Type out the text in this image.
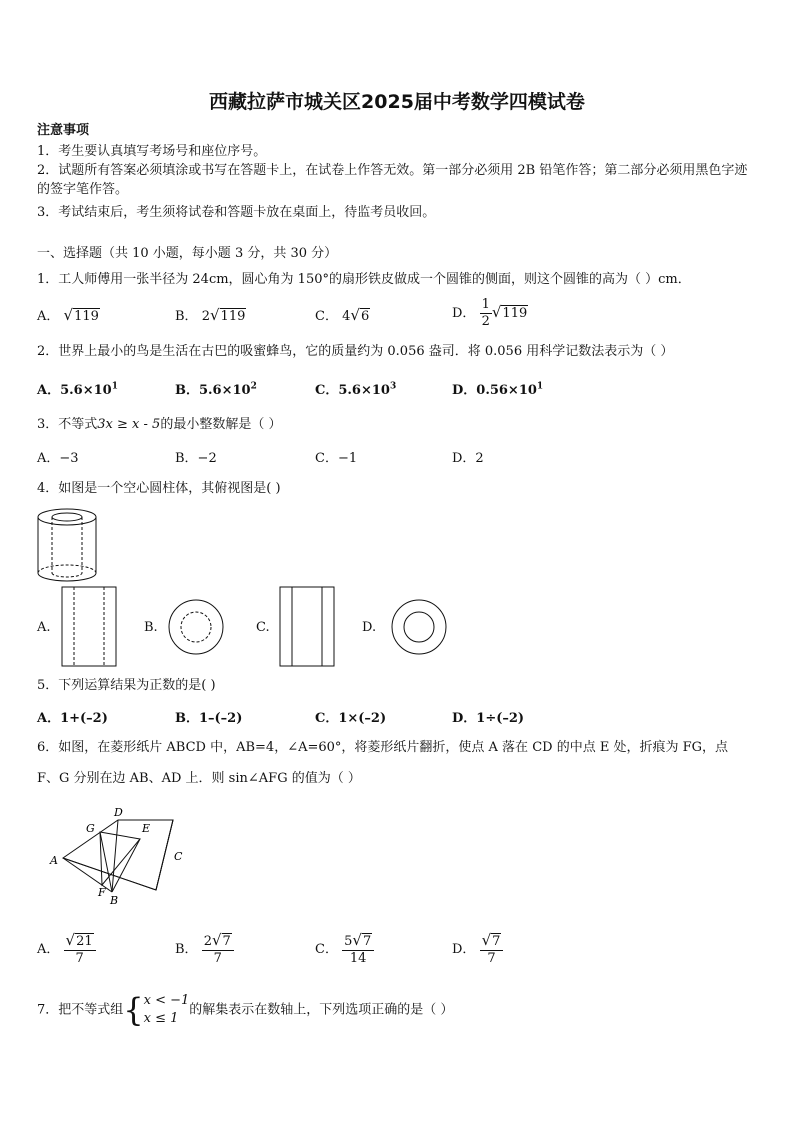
西藏拉萨市城关区2025届中考数学四模试卷
注意事项
1．考生要认真填写考场号和座位序号。
2．试题所有答案必须填涂或书写在答题卡上，在试卷上作答无效。第一部分必须用 2B 铅笔作答；第二部分必须用黑色字迹的签字笔作答。
3．考试结束后，考生须将试卷和答题卡放在桌面上，待监考员收回。
一、选择题（共 10 小题，每小题 3 分，共 30 分）
1．工人师傅用一张半径为 24cm，圆心角为 150°的扇形铁皮做成一个圆锥的侧面，则这个圆锥的高为（ ）cm．
A． √119	B． 2√119	C． 4√6	D． $\frac{1}{2} √119$
2．世界上最小的鸟是生活在古巴的吸蜜蜂鸟，它的质量约为 0.056 盎司．将 0.056 用科学记数法表示为（ ）
A．$5.6\times 10^1$	B．$5.6\times 10^2$	C．$5.6\times 10^3$	D．$0.56\times 10^1$
3．不等式3x ≥ x - 5的最小整数解是（ ）
A．−3	B．−2	C．−1	D．2
4．如图是一个空心圆柱体，其俯视图是( )
A.	B.	C.	D.
5．下列运算结果为正数的是( )
A．1+(–2)	B．1–(–2)	C．1×(–2)	D．1÷(–2)
6．如图，在菱形纸片 ABCD 中，AB=4，∠A=60°，将菱形纸片翻折，使点 A 落在 CD 的中点 E 处，折痕为 FG，点
F、G 分别在边 AB、AD 上．则 sin∠AFG 的值为（ ）
A
B
C
D
E
F
G
A． $\frac{√21}{7}$	B． $\frac{2√7}{7}$	C． $\frac{5√7}{14}$	D． $\frac{√7}{7}$
7．把不等式组{ x < −1
x ≤ 1
的解集表示在数轴上，下列选项正确的是（ ）
